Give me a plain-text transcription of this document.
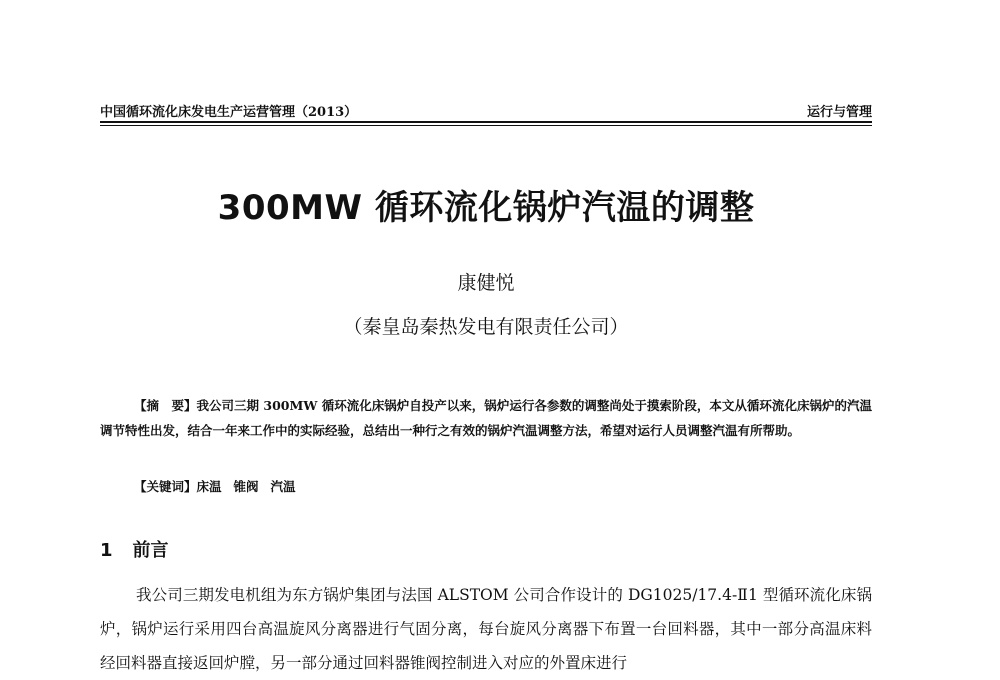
中国循环流化床发电生产运营管理（2013）	运行与管理
300MW 循环流化锅炉汽温的调整
康健悦
（秦皇岛秦热发电有限责任公司）
【摘　要】我公司三期 300MW 循环流化床锅炉自投产以来，锅炉运行各参数的调整尚处于摸索阶段，本文从循环流化床锅炉的汽温调节特性出发，结合一年来工作中的实际经验，总结出一种行之有效的锅炉汽温调整方法，希望对运行人员调整汽温有所帮助。
【关键词】床温 锥阀 汽温
1 前言
我公司三期发电机组为东方锅炉集团与法国 ALSTOM 公司合作设计的 DG1025/17.4-Ⅱ1 型循环流化床锅炉，锅炉运行采用四台高温旋风分离器进行气固分离，每台旋风分离器下布置一台回料器，其中一部分高温床料经回料器直接返回炉膛，另一部分通过回料器锥阀控制进入对应的外置床进行
